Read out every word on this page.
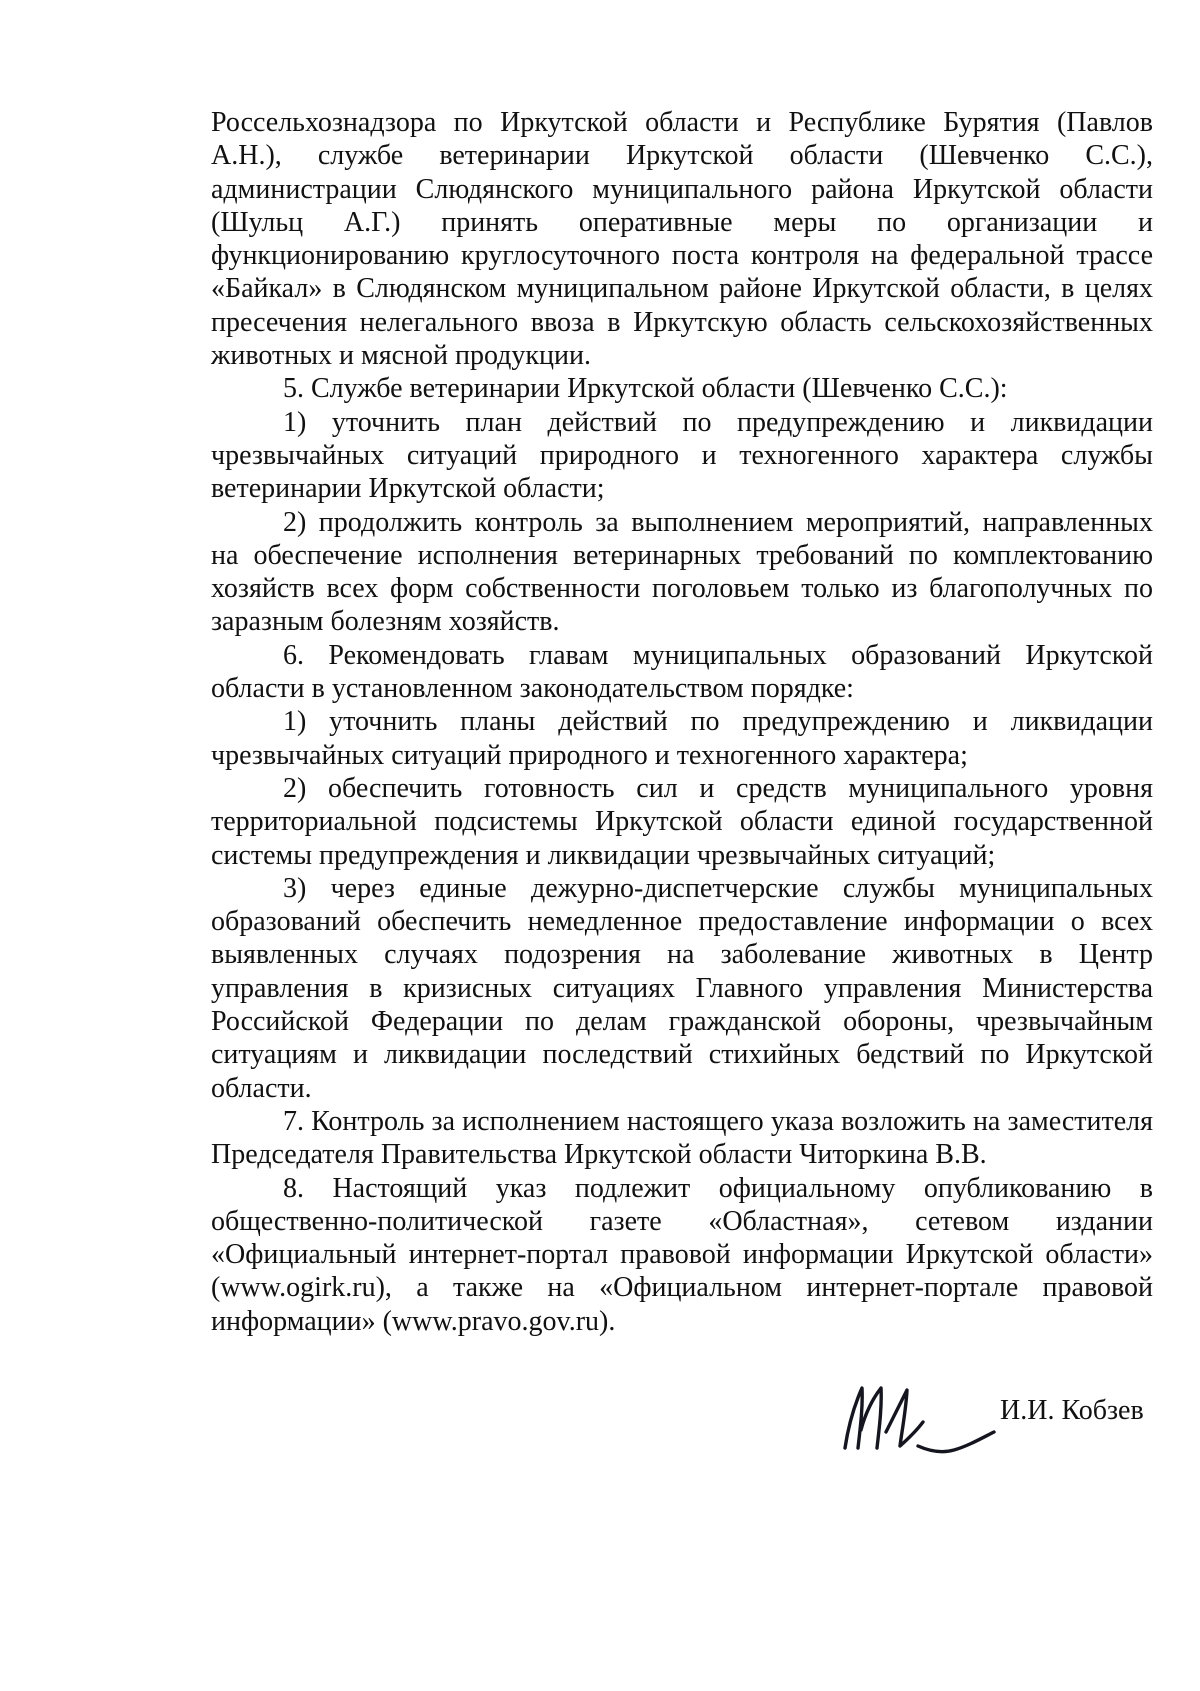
Россельхознадзора по Иркутской области и Республике Бурятия (Павлов А.Н.), службе ветеринарии Иркутской области (Шевченко С.С.), администрации Слюдянского муниципального района Иркутской области (Шульц А.Г.) принять оперативные меры по организации и функционированию круглосуточного поста контроля на федеральной трассе «Байкал» в Слюдянском муниципальном районе Иркутской области, в целях пресечения нелегального ввоза в Иркутскую область сельскохозяйственных животных и мясной продукции.

5. Службе ветеринарии Иркутской области (Шевченко С.С.):

1) уточнить план действий по предупреждению и ликвидации чрезвычайных ситуаций природного и техногенного характера службы ветеринарии Иркутской области;

2) продолжить контроль за выполнением мероприятий, направленных на обеспечение исполнения ветеринарных требований по комплектованию хозяйств всех форм собственности поголовьем только из благополучных по заразным болезням хозяйств.

6. Рекомендовать главам муниципальных образований Иркутской области в установленном законодательством порядке:

1) уточнить планы действий по предупреждению и ликвидации чрезвычайных ситуаций природного и техногенного характера;

2) обеспечить готовность сил и средств муниципального уровня территориальной подсистемы Иркутской области единой государственной системы предупреждения и ликвидации чрезвычайных ситуаций;

3) через единые дежурно-диспетчерские службы муниципальных образований обеспечить немедленное предоставление информации о всех выявленных случаях подозрения на заболевание животных в Центр управления в кризисных ситуациях Главного управления Министерства Российской Федерации по делам гражданской обороны, чрезвычайным ситуациям и ликвидации последствий стихийных бедствий по Иркутской области.

7. Контроль за исполнением настоящего указа возложить на заместителя Председателя Правительства Иркутской области Читоркина В.В.

8. Настоящий указ подлежит официальному опубликованию в общественно-политической газете «Областная», сетевом издании «Официальный интернет-портал правовой информации Иркутской области» (www.ogirk.ru), а также на «Официальном интернет-портале правовой информации» (www.pravo.gov.ru).

И.И. Кобзев
